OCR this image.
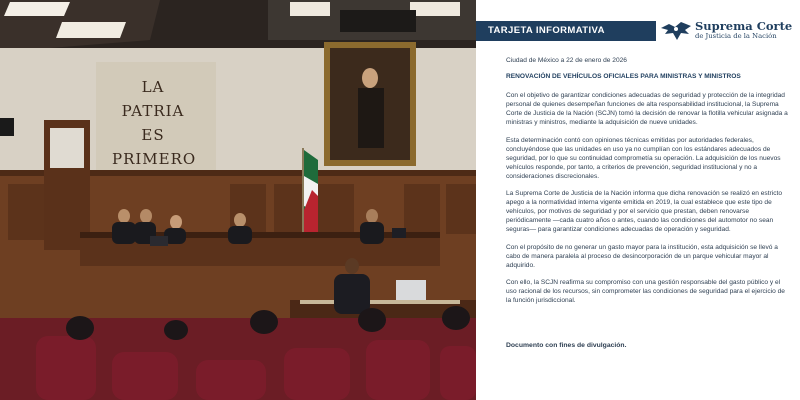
LA PATRIA
ES
PRIMERO
TARJETA INFORMATIVA	Suprema Corte
de Justicia de la Nación

Ciudad de México a 22 de enero de 2026

RENOVACIÓN DE VEHÍCULOS OFICIALES PARA MINISTRAS Y MINISTROS

Con el objetivo de garantizar condiciones adecuadas de seguridad y protección de la integridad personal de quienes desempeñan funciones de alta responsabilidad institucional, la Suprema Corte de Justicia de la Nación (SCJN) tomó la decisión de renovar la flotilla vehicular asignada a ministras y ministros, mediante la adquisición de nueve unidades.

Esta determinación contó con opiniones técnicas emitidas por autoridades federales, concluyéndose que las unidades en uso ya no cumplían con los estándares adecuados de seguridad, por lo que su continuidad comprometía su operación. La adquisición de los nuevos vehículos responde, por tanto, a criterios de prevención, seguridad institucional y no a consideraciones discrecionales.

La Suprema Corte de Justicia de la Nación informa que dicha renovación se realizó en estricto apego a la normatividad interna vigente emitida en 2019, la cual establece que este tipo de vehículos, por motivos de seguridad y por el servicio que prestan, deben renovarse periódicamente —cada cuatro años o antes, cuando las condiciones del automotor no sean seguras— para garantizar condiciones adecuadas de operación y seguridad.

Con el propósito de no generar un gasto mayor para la institución, esta adquisición se llevó a cabo de manera paralela al proceso de desincorporación de un parque vehicular mayor al adquirido.

Con ello, la SCJN reafirma su compromiso con una gestión responsable del gasto público y el uso racional de los recursos, sin comprometer las condiciones de seguridad para el ejercicio de la función jurisdiccional.

Documento con fines de divulgación.
